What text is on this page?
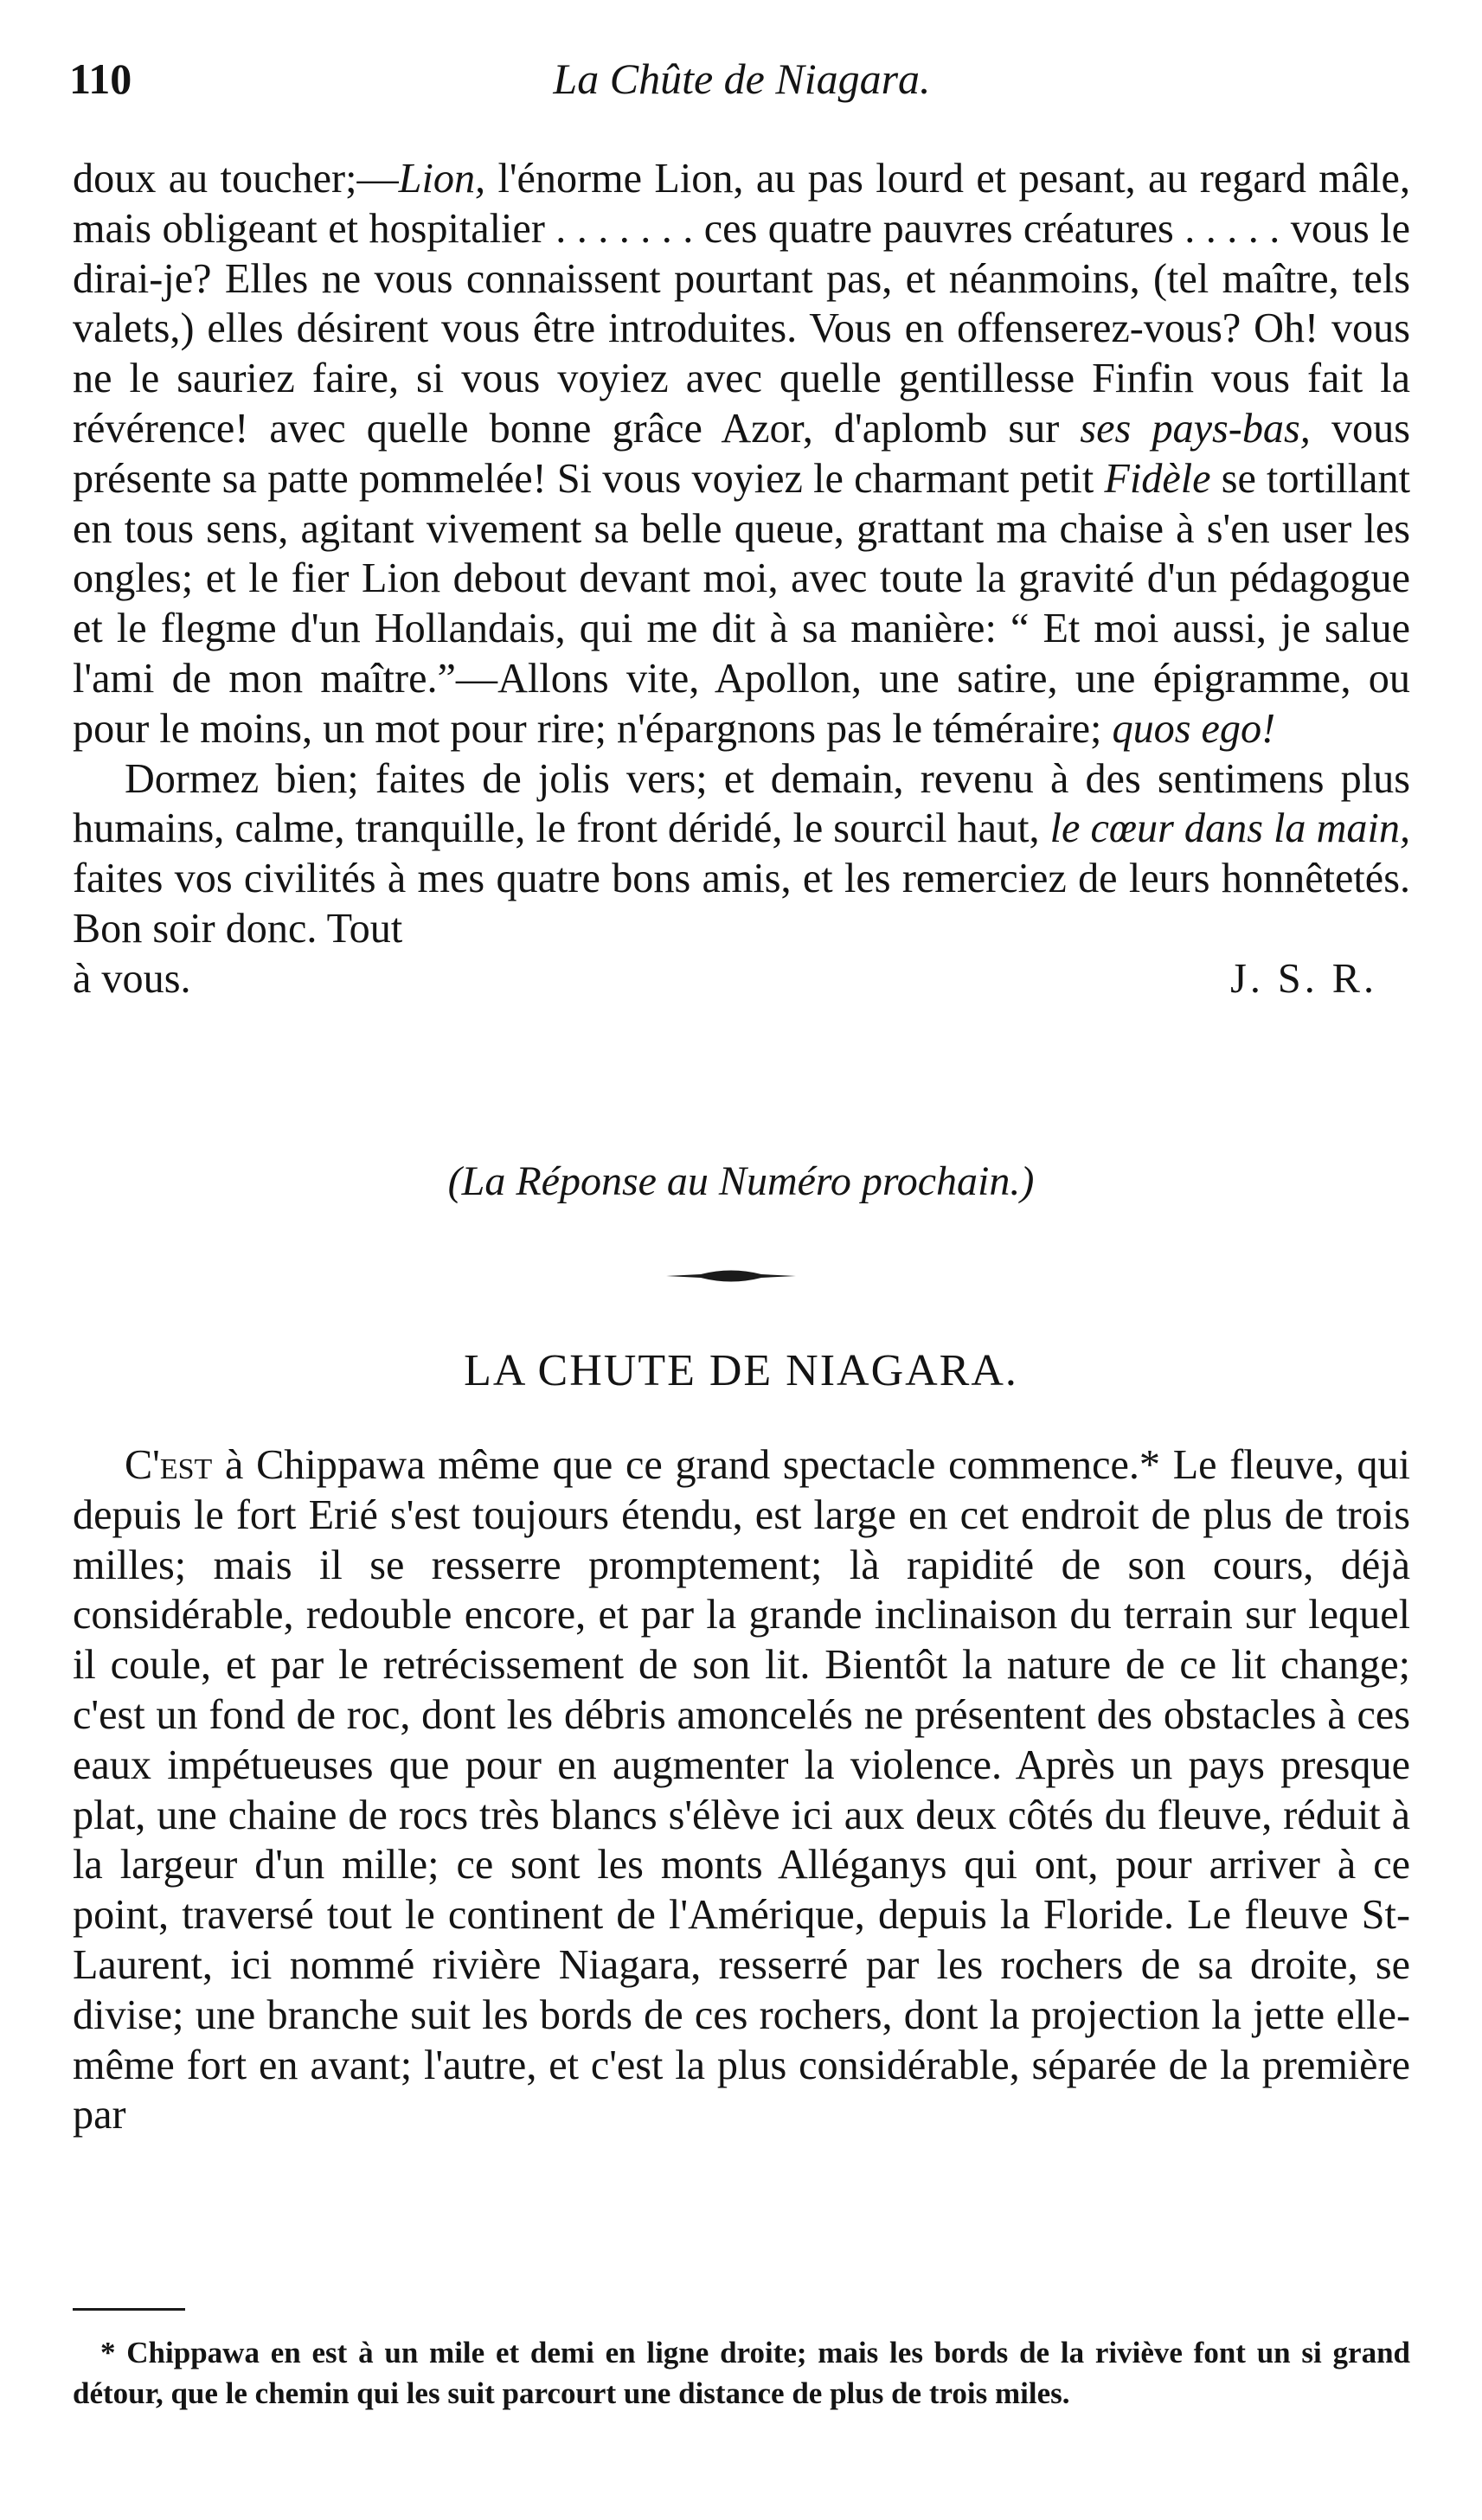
110	La Chûte de Niagara.

doux au toucher;—Lion, l'énorme Lion, au pas lourd et pesant, au regard mâle, mais obligeant et hospitalier . . . . . . . ces quatre pauvres créatures . . . . . vous le dirai-je? Elles ne vous connaissent pourtant pas, et néanmoins, (tel maître, tels valets,) elles désirent vous être introduites. Vous en offenserez-vous? Oh! vous ne le sauriez faire, si vous voyiez avec quelle gentillesse Finfin vous fait la révérence! avec quelle bonne grâce Azor, d'aplomb sur ses pays-bas, vous présente sa patte pommelée! Si vous voyiez le charmant petit Fidèle se tortillant en tous sens, agitant vivement sa belle queue, grattant ma chaise à s'en user les ongles; et le fier Lion debout devant moi, avec toute la gravité d'un pédagogue et le flegme d'un Hollandais, qui me dit à sa manière: “ Et moi aussi, je salue l'ami de mon maître.”—Allons vite, Apollon, une satire, une épigramme, ou pour le moins, un mot pour rire; n'épargnons pas le téméraire; quos ego!

Dormez bien; faites de jolis vers; et demain, revenu à des sentimens plus humains, calme, tranquille, le front déridé, le sourcil haut, le cœur dans la main, faites vos civilités à mes quatre bons amis, et les remerciez de leurs honnêtetés. Bon soir donc. Tout

à vous.	J. S. R.
(La Réponse au Numéro prochain.)
LA CHUTE DE NIAGARA.

C'est à Chippawa même que ce grand spectacle commence.* Le fleuve, qui depuis le fort Erié s'est toujours étendu, est large en cet endroit de plus de trois milles; mais il se resserre promptement; là rapidité de son cours, déjà considérable, redouble encore, et par la grande inclinaison du terrain sur lequel il coule, et par le retrécissement de son lit. Bientôt la nature de ce lit change; c'est un fond de roc, dont les débris amoncelés ne présentent des obstacles à ces eaux impétueuses que pour en augmenter la violence. Après un pays presque plat, une chaine de rocs très blancs s'élève ici aux deux côtés du fleuve, réduit à la largeur d'un mille; ce sont les monts Alléganys qui ont, pour arriver à ce point, traversé tout le continent de l'Amérique, depuis la Floride. Le fleuve St-Laurent, ici nommé rivière Niagara, resserré par les rochers de sa droite, se divise; une branche suit les bords de ces rochers, dont la projection la jette elle-même fort en avant; l'autre, et c'est la plus considérable, séparée de la première par

* Chippawa en est à un mile et demi en ligne droite; mais les bords de la riviève font un si grand détour, que le chemin qui les suit parcourt une distance de plus de trois miles.
